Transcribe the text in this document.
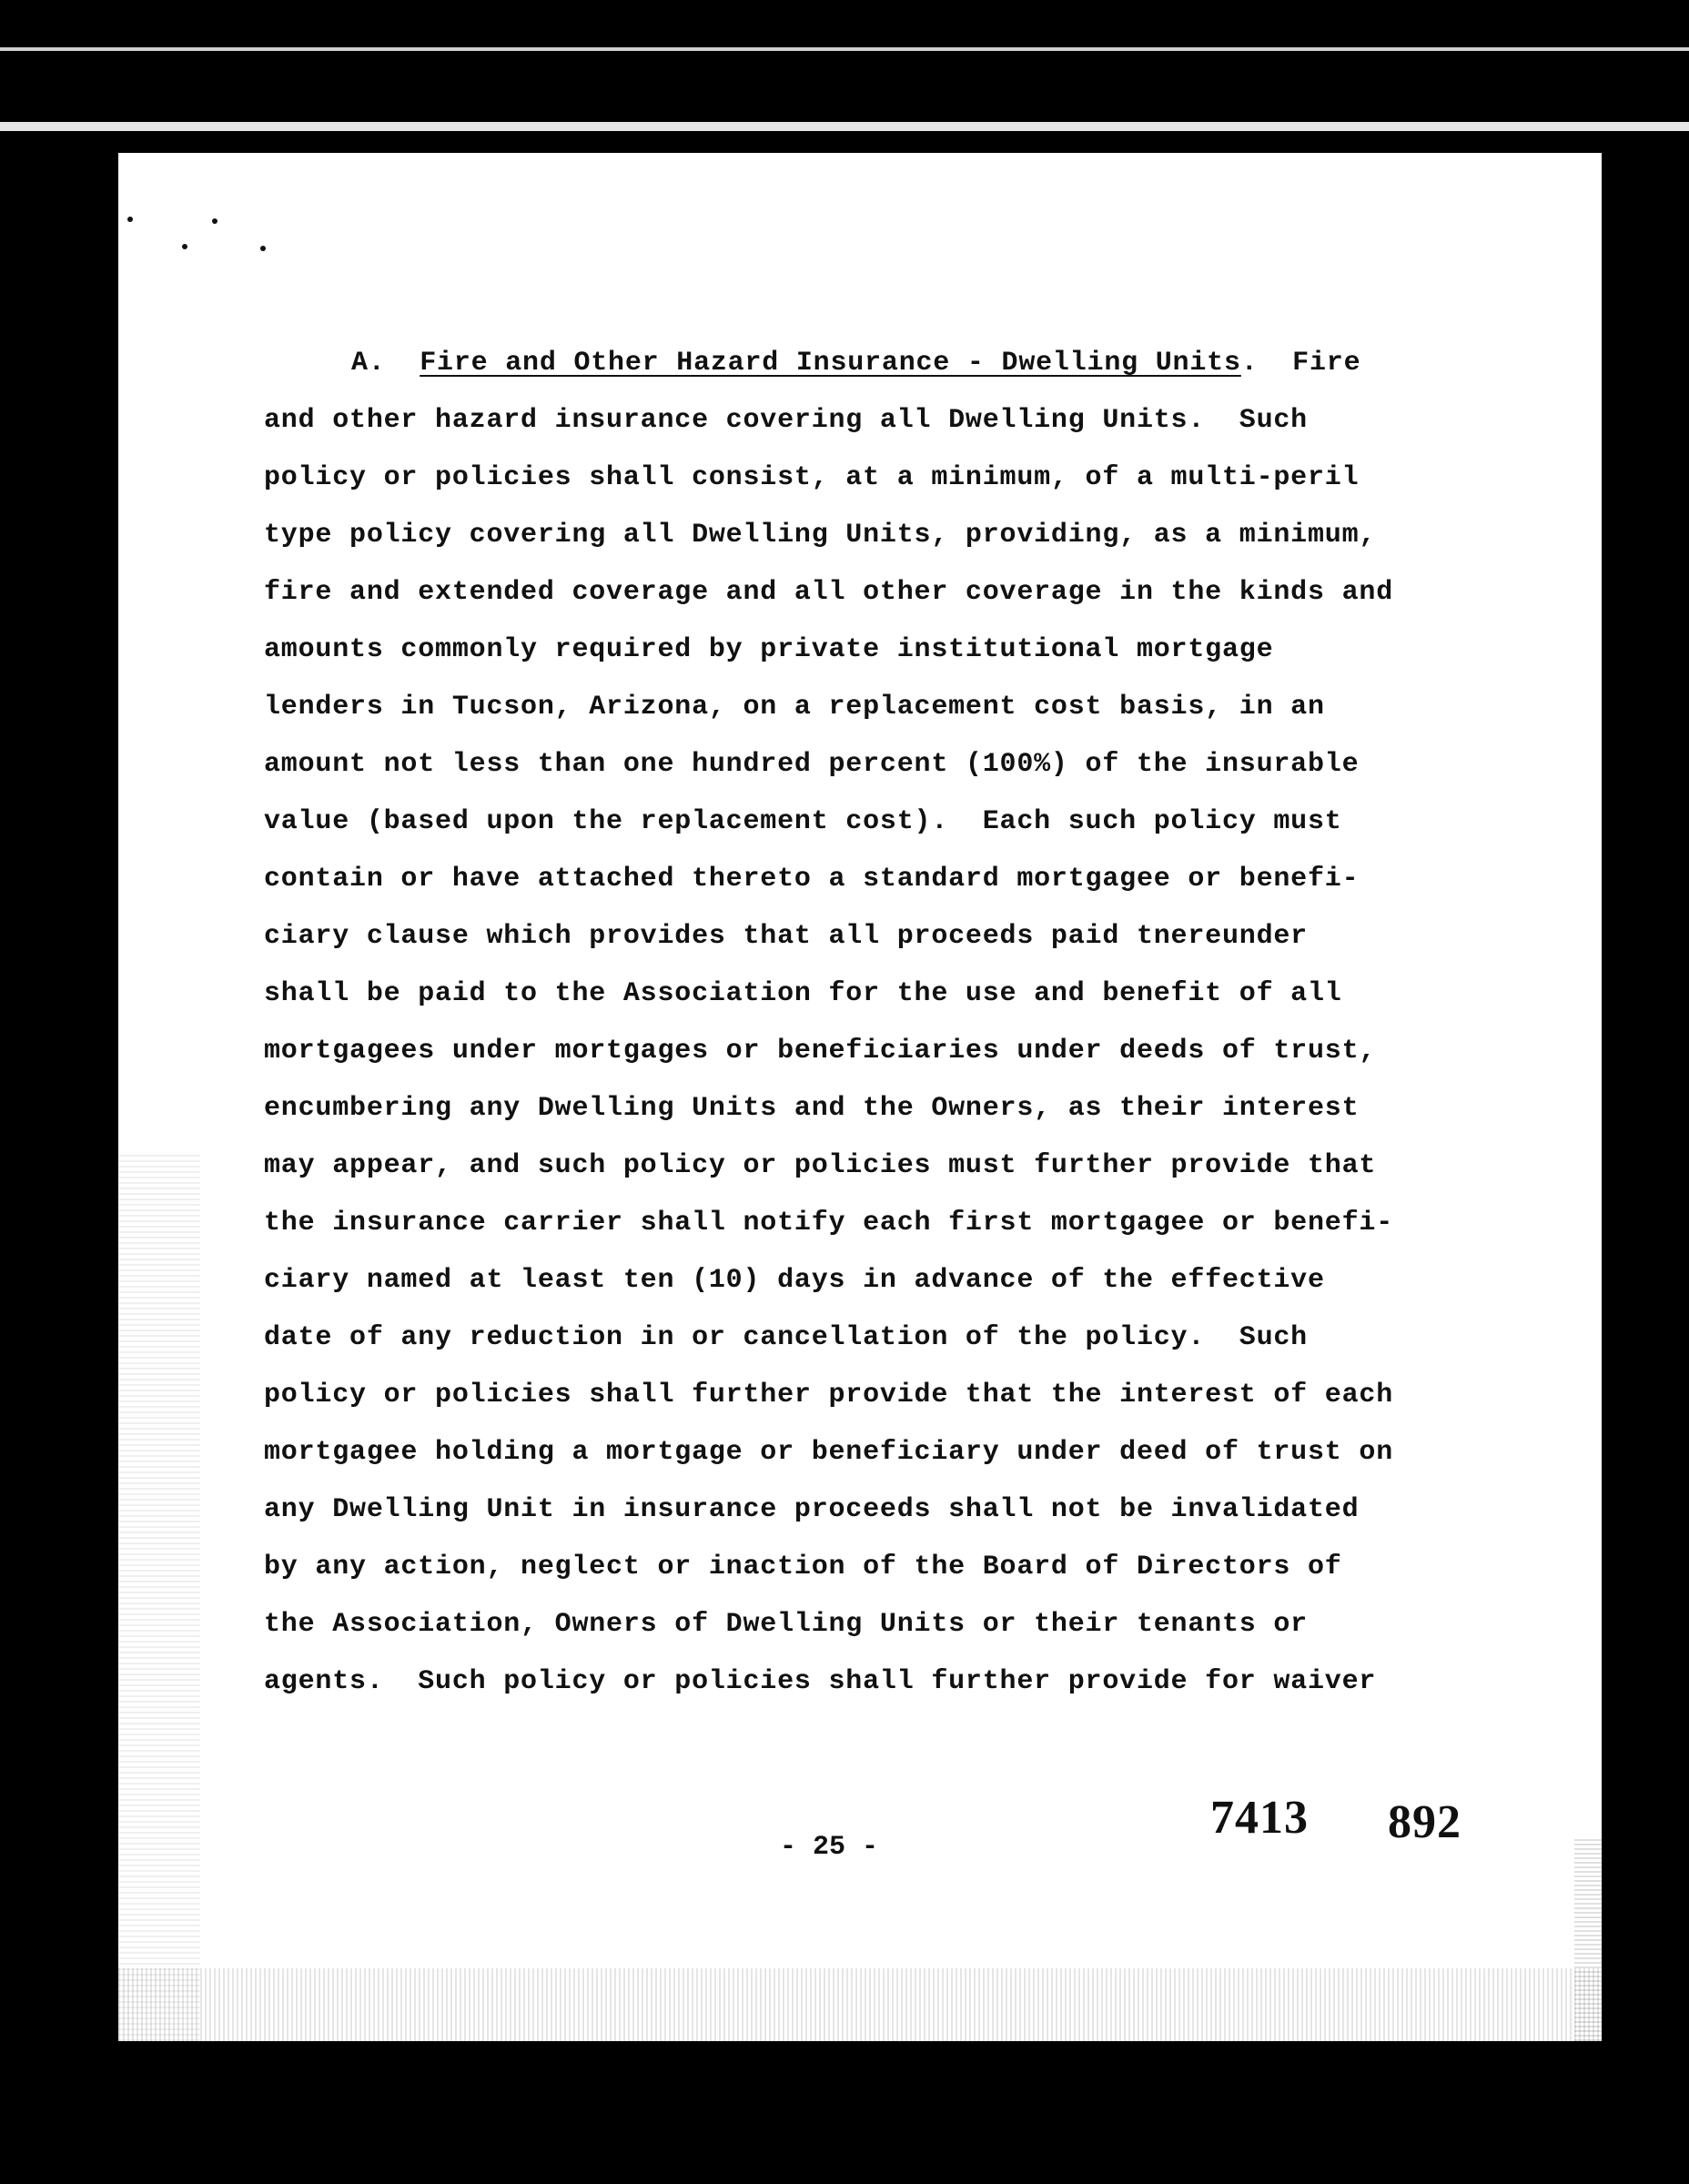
A. Fire and Other Hazard Insurance - Dwelling Units.  Fire
and other hazard insurance covering all Dwelling Units.  Such
policy or policies shall consist, at a minimum, of a multi-peril
type policy covering all Dwelling Units, providing, as a minimum,
fire and extended coverage and all other coverage in the kinds and
amounts commonly required by private institutional mortgage
lenders in Tucson, Arizona, on a replacement cost basis, in an
amount not less than one hundred percent (100%) of the insurable
value (based upon the replacement cost).  Each such policy must
contain or have attached thereto a standard mortgagee or benefi-
ciary clause which provides that all proceeds paid tnereunder
shall be paid to the Association for the use and benefit of all
mortgagees under mortgages or beneficiaries under deeds of trust,
encumbering any Dwelling Units and the Owners, as their interest
may appear, and such policy or policies must further provide that
the insurance carrier shall notify each first mortgagee or benefi-
ciary named at least ten (10) days in advance of the effective
date of any reduction in or cancellation of the policy.  Such
policy or policies shall further provide that the interest of each
mortgagee holding a mortgage or beneficiary under deed of trust on
any Dwelling Unit in insurance proceeds shall not be invalidated
by any action, neglect or inaction of the Board of Directors of
the Association, Owners of Dwelling Units or their tenants or
agents.  Such policy or policies shall further provide for waiver
- 25 -
7413 892
